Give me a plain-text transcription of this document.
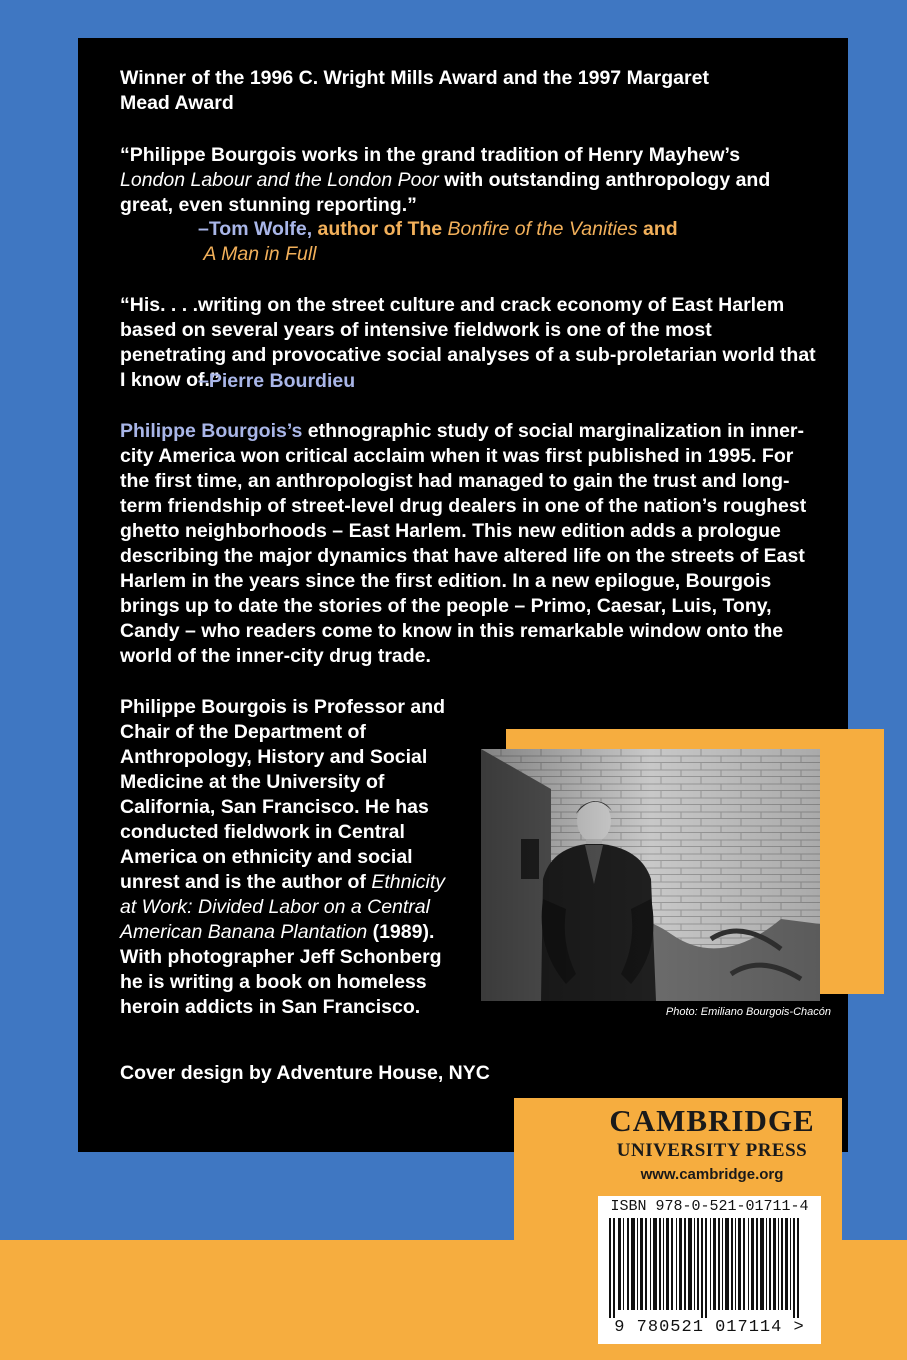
Winner of the 1996 C. Wright Mills Award and the 1997 Margaret Mead Award

“Philippe Bourgois works in the grand tradition of Henry Mayhew’s London Labour and the London Poor with outstanding anthropology and great, even stunning reporting.”

–Tom Wolfe, author of The Bonfire of the Vanities and
A Man in Full

“His. . . .writing on the street culture and crack economy of East Harlem based on several years of intensive fieldwork is one of the most penetrating and provocative social analyses of a sub-proletarian world that I know of.”

–Pierre Bourdieu

Philippe Bourgois’s ethnographic study of social marginalization in inner-city America won critical acclaim when it was first published in 1995. For the first time, an anthropologist had managed to gain the trust and long-term friendship of street-level drug dealers in one of the nation’s roughest ghetto neighborhoods – East Harlem. This new edition adds a prologue describing the major dynamics that have altered life on the streets of East Harlem in the years since the first edition. In a new epilogue, Bourgois brings up to date the stories of the people – Primo, Caesar, Luis, Tony, Candy – who readers come to know in this remarkable window onto the world of the inner-city drug trade.

Philippe Bourgois is Professor and Chair of the Department of Anthropology, History and Social Medicine at the University of California, San Francisco. He has conducted fieldwork in Central America on ethnicity and social unrest and is the author of Ethnicity at Work: Divided Labor on a Central American Banana Plantation (1989). With photographer Jeff Schonberg he is writing a book on homeless heroin addicts in San Francisco.

Cover design by Adventure House, NYC

Photo: Emiliano Bourgois-Chacón
CAMBRIDGE
UNIVERSITY PRESS
www.cambridge.org
ISBN 978-0-521-01711-4
9 780521 017114 >
